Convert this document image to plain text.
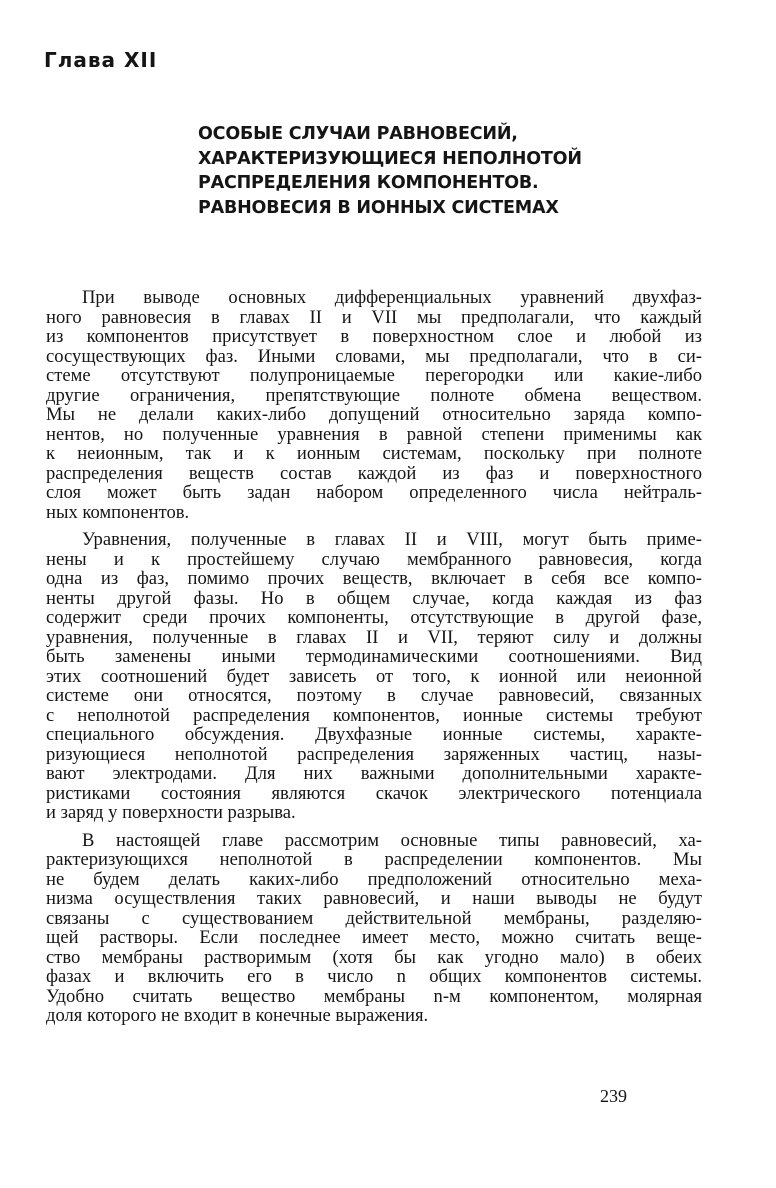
Глава XII
ОСОБЫЕ СЛУЧАИ РАВНОВЕСИЙ,
ХАРАКТЕРИЗУЮЩИЕСЯ НЕПОЛНОТОЙ
РАСПРЕДЕЛЕНИЯ КОМПОНЕНТОВ.
РАВНОВЕСИЯ В ИОННЫХ СИСТЕМАХ

При выводе основных дифференциальных уравнений двухфаз-
ного равновесия в главах II и VII мы предполагали, что каждый
из компонентов присутствует в поверхностном слое и любой из
сосуществующих фаз. Иными словами, мы предполагали, что в си-
стеме отсутствуют полупроницаемые перегородки или какие-либо
другие ограничения, препятствующие полноте обмена веществом.
Мы не делали каких-либо допущений относительно заряда компо-
нентов, но полученные уравнения в равной степени применимы как
к неионным, так и к ионным системам, поскольку при полноте
распределения веществ состав каждой из фаз и поверхностного
слоя может быть задан набором определенного числа нейтраль-
ных компонентов.

Уравнения, полученные в главах II и VIII, могут быть приме-
нены и к простейшему случаю мембранного равновесия, когда
одна из фаз, помимо прочих веществ, включает в себя все компо-
ненты другой фазы. Но в общем случае, когда каждая из фаз
содержит среди прочих компоненты, отсутствующие в другой фазе,
уравнения, полученные в главах II и VII, теряют силу и должны
быть заменены иными термодинамическими соотношениями. Вид
этих соотношений будет зависеть от того, к ионной или неионной
системе они относятся, поэтому в случае равновесий, связанных
с неполнотой распределения компонентов, ионные системы требуют
специального обсуждения. Двухфазные ионные системы, характе-
ризующиеся неполнотой распределения заряженных частиц, назы-
вают электродами. Для них важными дополнительными характе-
ристиками состояния являются скачок электрического потенциала
и заряд у поверхности разрыва.

В настоящей главе рассмотрим основные типы равновесий, ха-
рактеризующихся неполнотой в распределении компонентов. Мы
не будем делать каких-либо предположений относительно меха-
низма осуществления таких равновесий, и наши выводы не будут
связаны с существованием действительной мембраны, разделяю-
щей растворы. Если последнее имеет место, можно считать веще-
ство мембраны растворимым (хотя бы как угодно мало) в обеих
фазах и включить его в число n общих компонентов системы.
Удобно считать вещество мембраны n-м компонентом, молярная
доля которого не входит в конечные выражения.

239
